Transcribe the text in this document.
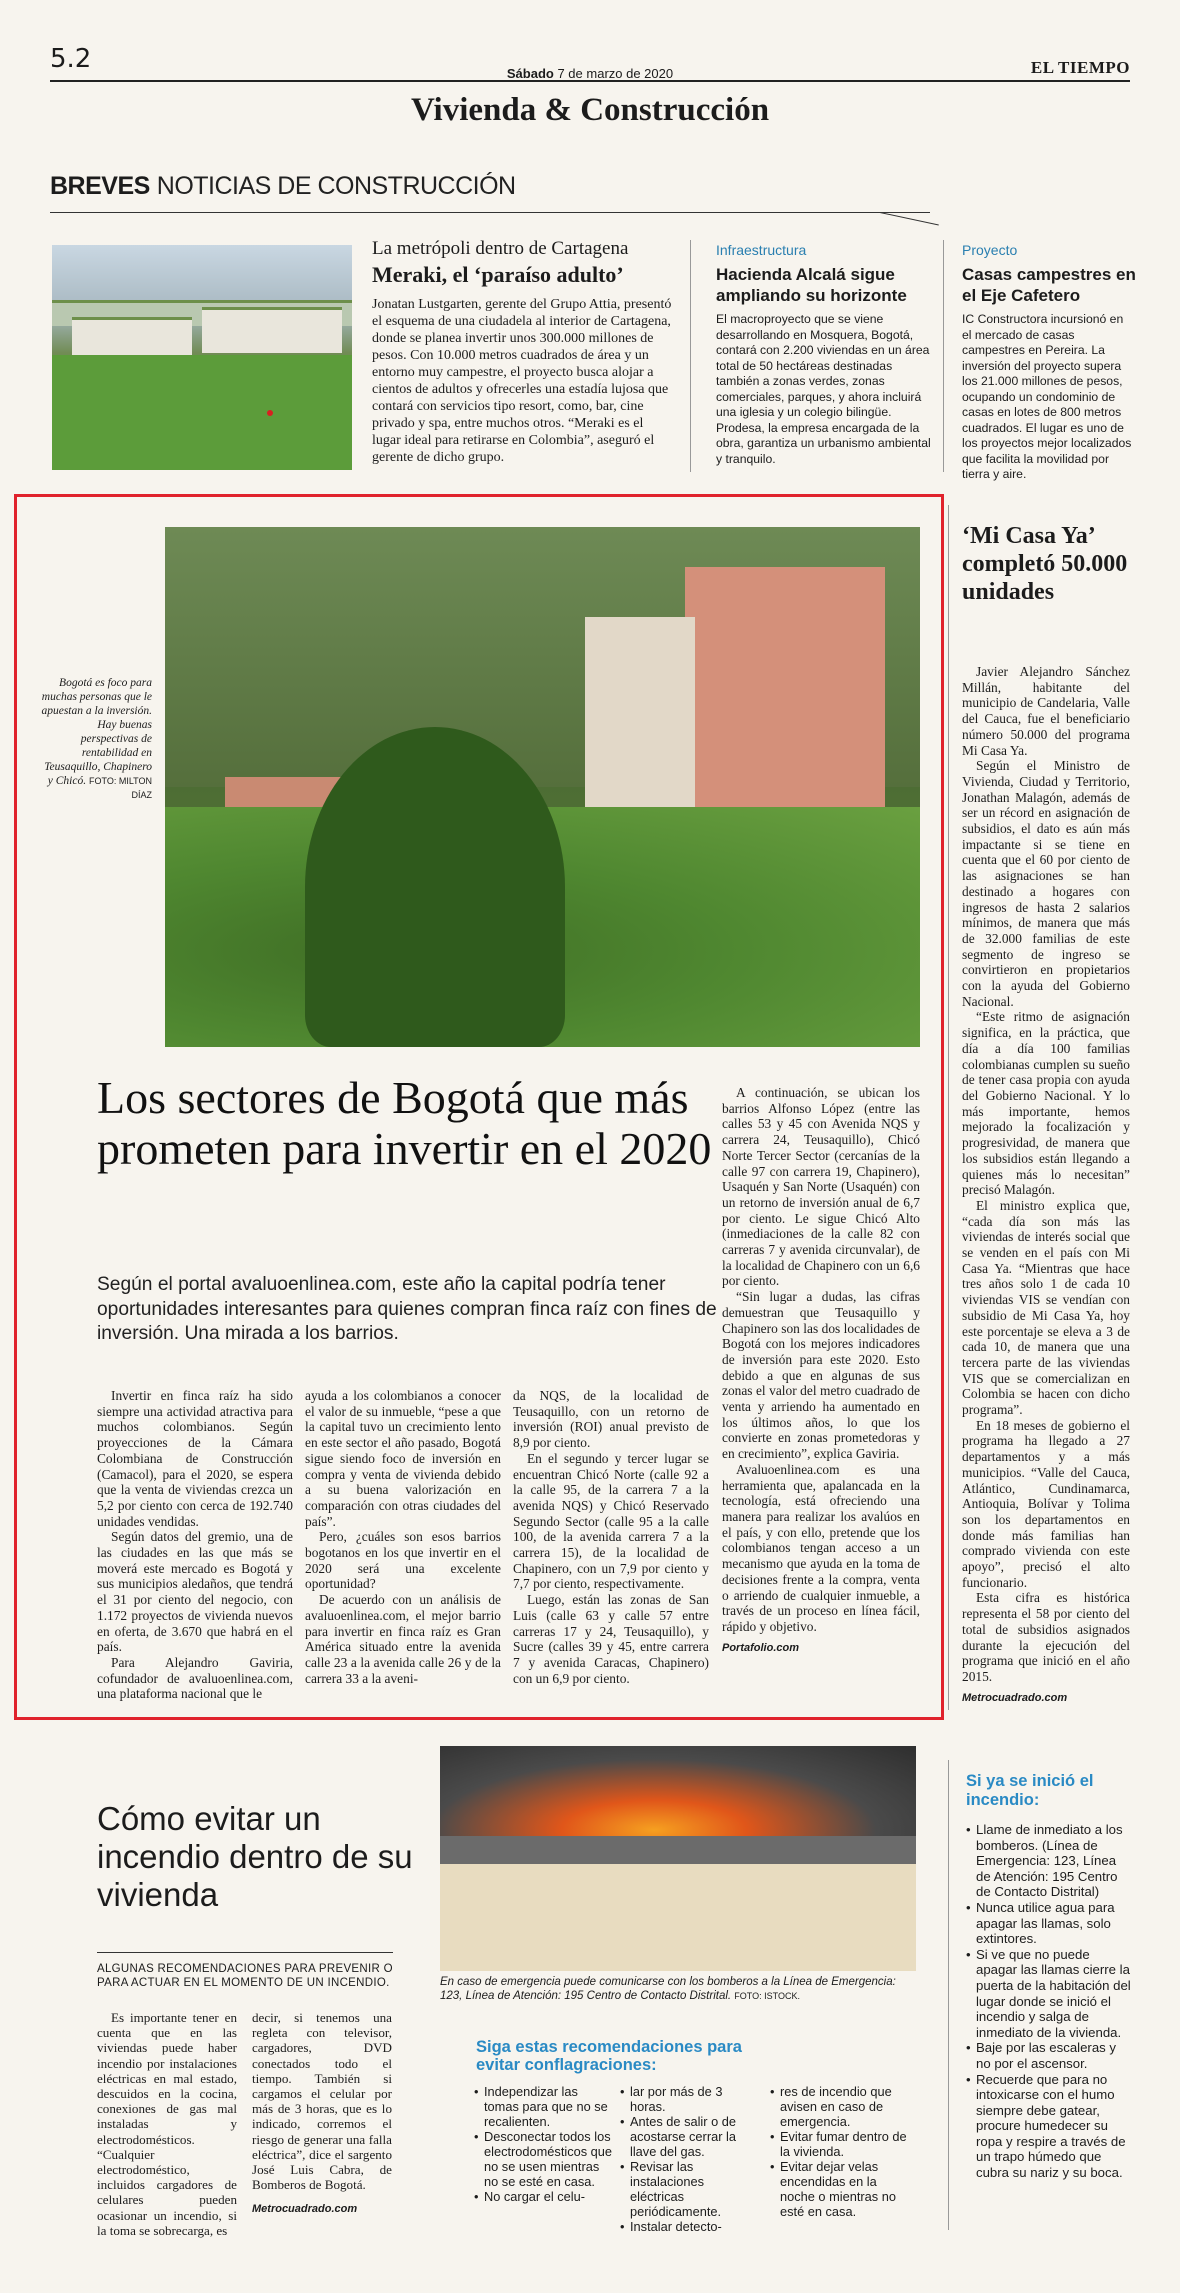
5.2	Sábado 7 de marzo de 2020	EL TIEMPO
Vivienda & Construcción
BREVES NOTICIAS DE CONSTRUCCIÓN
La metrópoli dentro de Cartagena
Meraki, el ‘paraíso adulto’
Jonatan Lustgarten, gerente del Grupo Attia, presentó el esquema de una ciudadela al interior de Cartagena, donde se planea invertir unos 300.000 millones de pesos. Con 10.000 metros cuadrados de área y un entorno muy campestre, el proyecto busca alojar a cientos de adultos y ofrecerles una estadía lujosa que contará con servicios tipo resort, como, bar, cine privado y spa, entre muchos otros. “Meraki es el lugar ideal para retirarse en Colombia”, aseguró el gerente de dicho grupo.
Infraestructura
Hacienda Alcalá sigue ampliando su horizonte
El macroproyecto que se viene desarrollando en Mosquera, Bogotá, contará con 2.200 viviendas en un área total de 50 hectáreas destinadas también a zonas verdes, zonas comerciales, parques, y ahora incluirá una iglesia y un colegio bilingüe. Prodesa, la empresa encargada de la obra, garantiza un urbanismo ambiental y tranquilo.
Proyecto
Casas campestres en el Eje Cafetero
IC Constructora incursionó en el mercado de casas campestres en Pereira. La inversión del proyecto supera los 21.000 millones de pesos, ocupando un condominio de casas en lotes de 800 metros cuadrados. El lugar es uno de los proyectos mejor localizados que facilita la movilidad por tierra y aire.
Bogotá es foco para muchas personas que le apuestan a la inversión. Hay buenas perspectivas de rentabilidad en Teusaquillo, Chapinero y Chicó. FOTO: MILTON DÍAZ
Los sectores de Bogotá que más prometen para invertir en el 2020
Según el portal avaluoenlinea.com, este año la capital podría tener oportunidades interesantes para quienes compran finca raíz con fines de inversión. Una mirada a los barrios.

Invertir en finca raíz ha sido siempre una actividad atractiva para muchos colombianos. Según proyecciones de la Cámara Colombiana de Construcción (Camacol), para el 2020, se espera que la venta de viviendas crezca un 5,2 por ciento con cerca de 192.740 unidades vendidas.

Según datos del gremio, una de las ciudades en las que más se moverá este mercado es Bogotá y sus municipios aledaños, que tendrá el 31 por ciento del negocio, con 1.172 proyectos de vivienda nuevos en oferta, de 3.670 que habrá en el país.

Para Alejandro Gaviria, cofundador de avaluoenlinea.com, una plataforma nacional que le

ayuda a los colombianos a conocer el valor de su inmueble, “pese a que la capital tuvo un crecimiento lento en este sector el año pasado, Bogotá sigue siendo foco de inversión en compra y venta de vivienda debido a su buena valorización en comparación con otras ciudades del país”.

Pero, ¿cuáles son esos barrios bogotanos en los que invertir en el 2020 será una excelente oportunidad?

De acuerdo con un análisis de avaluoenlinea.com, el mejor barrio para invertir en finca raíz es Gran América situado entre la avenida calle 23 a la avenida calle 26 y de la carrera 33 a la aveni-

da NQS, de la localidad de Teusaquillo, con un retorno de inversión (ROI) anual previsto de 8,9 por ciento.

En el segundo y tercer lugar se encuentran Chicó Norte (calle 92 a la calle 95, de la carrera 7 a la avenida NQS) y Chicó Reservado Segundo Sector (calle 95 a la calle 100, de la avenida carrera 7 a la carrera 15), de la localidad de Chapinero, con un 7,9 por ciento y 7,7 por ciento, respectivamente.

Luego, están las zonas de San Luis (calle 63 y calle 57 entre carreras 17 y 24, Teusaquillo), y Sucre (calles 39 y 45, entre carrera 7 y avenida Caracas, Chapinero) con un 6,9 por ciento.

A continuación, se ubican los barrios Alfonso López (entre las calles 53 y 45 con Avenida NQS y carrera 24, Teusaquillo), Chicó Norte Tercer Sector (cercanías de la calle 97 con carrera 19, Chapinero), Usaquén y San Norte (Usaquén) con un retorno de inversión anual de 6,7 por ciento. Le sigue Chicó Alto (inmediaciones de la calle 82 con carreras 7 y avenida circunvalar), de la localidad de Chapinero con un 6,6 por ciento.

“Sin lugar a dudas, las cifras demuestran que Teusaquillo y Chapinero son las dos localidades de Bogotá con los mejores indicadores de inversión para este 2020. Esto debido a que en algunas de sus zonas el valor del metro cuadrado de venta y arriendo ha aumentado en los últimos años, lo que los convierte en zonas prometedoras y en crecimiento”, explica Gaviria.

Avaluoenlinea.com es una herramienta que, apalancada en la tecnología, está ofreciendo una manera para realizar los avalúos en el país, y con ello, pretende que los colombianos tengan acceso a un mecanismo que ayuda en la toma de decisiones frente a la compra, venta o arriendo de cualquier inmueble, a través de un proceso en línea fácil, rápido y objetivo.

Portafolio.com

‘Mi Casa Ya’ completó 50.000 unidades

Javier Alejandro Sánchez Millán, habitante del municipio de Candelaria, Valle del Cauca, fue el beneficiario número 50.000 del programa Mi Casa Ya.

Según el Ministro de Vivienda, Ciudad y Territorio, Jonathan Malagón, además de ser un récord en asignación de subsidios, el dato es aún más impactante si se tiene en cuenta que el 60 por ciento de las asignaciones se han destinado a hogares con ingresos de hasta 2 salarios mínimos, de manera que más de 32.000 familias de este segmento de ingreso se convirtieron en propietarios con la ayuda del Gobierno Nacional.

“Este ritmo de asignación significa, en la práctica, que día a día 100 familias colombianas cumplen su sueño de tener casa propia con ayuda del Gobierno Nacional. Y lo más importante, hemos mejorado la focalización y progresividad, de manera que los subsidios están llegando a quienes más lo necesitan” precisó Malagón.

El ministro explica que, “cada día son más las viviendas de interés social que se venden en el país con Mi Casa Ya. “Mientras que hace tres años solo 1 de cada 10 viviendas VIS se vendían con subsidio de Mi Casa Ya, hoy este porcentaje se eleva a 3 de cada 10, de manera que una tercera parte de las viviendas VIS que se comercializan en Colombia se hacen con dicho programa”.

En 18 meses de gobierno el programa ha llegado a 27 departamentos y a más municipios. “Valle del Cauca, Atlántico, Cundinamarca, Antioquia, Bolívar y Tolima son los departamentos en donde más familias han comprado vivienda con este apoyo”, precisó el alto funcionario.

Esta cifra es histórica representa el 58 por ciento del total de subsidios asignados durante la ejecución del programa que inició en el año 2015.

Metrocuadrado.com

Cómo evitar un incendio dentro de su vivienda
ALGUNAS RECOMENDACIONES PARA PREVENIR O PARA ACTUAR EN EL MOMENTO DE UN INCENDIO.	En caso de emergencia puede comunicarse con los bomberos a la Línea de Emergencia: 123, Línea de Atención: 195 Centro de Contacto Distrital. FOTO: ISTOCK.

Es importante tener en cuenta que en las viviendas puede haber incendio por instalaciones eléctricas en mal estado, descuidos en la cocina, conexiones de gas mal instaladas y electrodomésticos. “Cualquier electrodoméstico, incluidos cargadores de celulares pueden ocasionar un incendio, si la toma se sobrecarga, es

decir, si tenemos una regleta con televisor, cargadores, DVD conectados todo el tiempo. También si cargamos el celular por más de 3 horas, que es lo indicado, corremos el riesgo de generar una falla eléctrica”, dice el sargento José Luis Cabra, de Bomberos de Bogotá.

Metrocuadrado.com

Siga estas recomendaciones para evitar conflagraciones:
• Independizar las tomas para que no se recalienten.
• Desconectar todos los electrodomésticos que no se usen mientras no se esté en casa.
• No cargar el celu-
• lar por más de 3 horas.
• Antes de salir o de acostarse cerrar la llave del gas.
• Revisar las instalaciones eléctricas periódicamente.
• Instalar detecto-
• res de incendio que avisen en caso de emergencia.
• Evitar fumar dentro de la vivienda.
• Evitar dejar velas encendidas en la noche o mientras no esté en casa.
Si ya se inició el incendio:
• Llame de inmediato a los bomberos. (Línea de Emergencia: 123, Línea de Atención: 195 Centro de Contacto Distrital)
• Nunca utilice agua para apagar las llamas, solo extintores.
• Si ve que no puede apagar las llamas cierre la puerta de la habitación del lugar donde se inició el incendio y salga de inmediato de la vivienda.
• Baje por las escaleras y no por el ascensor.
• Recuerde que para no intoxicarse con el humo siempre debe gatear, procure humedecer su ropa y respire a través de un trapo húmedo que cubra su nariz y su boca.
